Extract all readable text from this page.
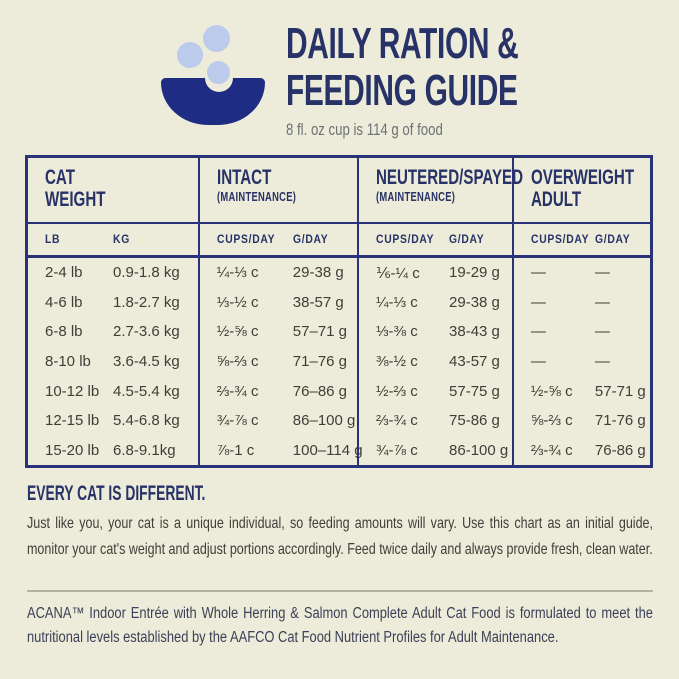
DAILY RATION &
FEEDING GUIDE

8 fl. oz cup is 114 g of food

CAT
WEIGHT
INTACT
(MAINTENANCE)
NEUTERED/SPAYED
(MAINTENANCE)
OVERWEIGHT
ADULT
LB	KG	CUPS/DAY	G/DAY	CUPS/DAY	G/DAY	CUPS/DAY G/DAY
2-4 lb	0.9-1.8 kg ¼-⅓ c	29-38 g ⅙-¼ c	19-29 g —	—
4-6 lb	1.8-2.7 kg ⅓-½ c	38-57 g ¼-⅓ c	29-38 g —	—
6-8 lb	2.7-3.6 kg ½-⅝ c	57–71 g ⅓-⅜ c	38-43 g —	—
8-10 lb	3.6-4.5 kg ⅝-⅔ c	71–76 g ⅜-½ c	43-57 g —	—
10-12 lb 4.5-5.4 kg ⅔-¾ c	76–86 g ½-⅔ c	57-75 g ½-⅝ c	57-71 g
12-15 lb 5.4-6.8 kg ¾-⅞ c	86–100 g ⅔-¾ c	75-86 g ⅝-⅔ c	71-76 g
15-20 lb 6.8-9.1kg	⅞-1 c	100–114 g ¾-⅞ c	86-100 g ⅔-¾ c	76-86 g
EVERY CAT IS DIFFERENT.

Just like you, your cat is a unique individual, so feeding amounts will vary. Use this chart as an initial guide, monitor your cat's weight and adjust portions accordingly. Feed twice daily and always provide fresh, clean water.

ACANA™ Indoor Entrée with Whole Herring & Salmon Complete Adult Cat Food is formulated to meet the nutritional levels established by the AAFCO Cat Food Nutrient Profiles for Adult Maintenance.
